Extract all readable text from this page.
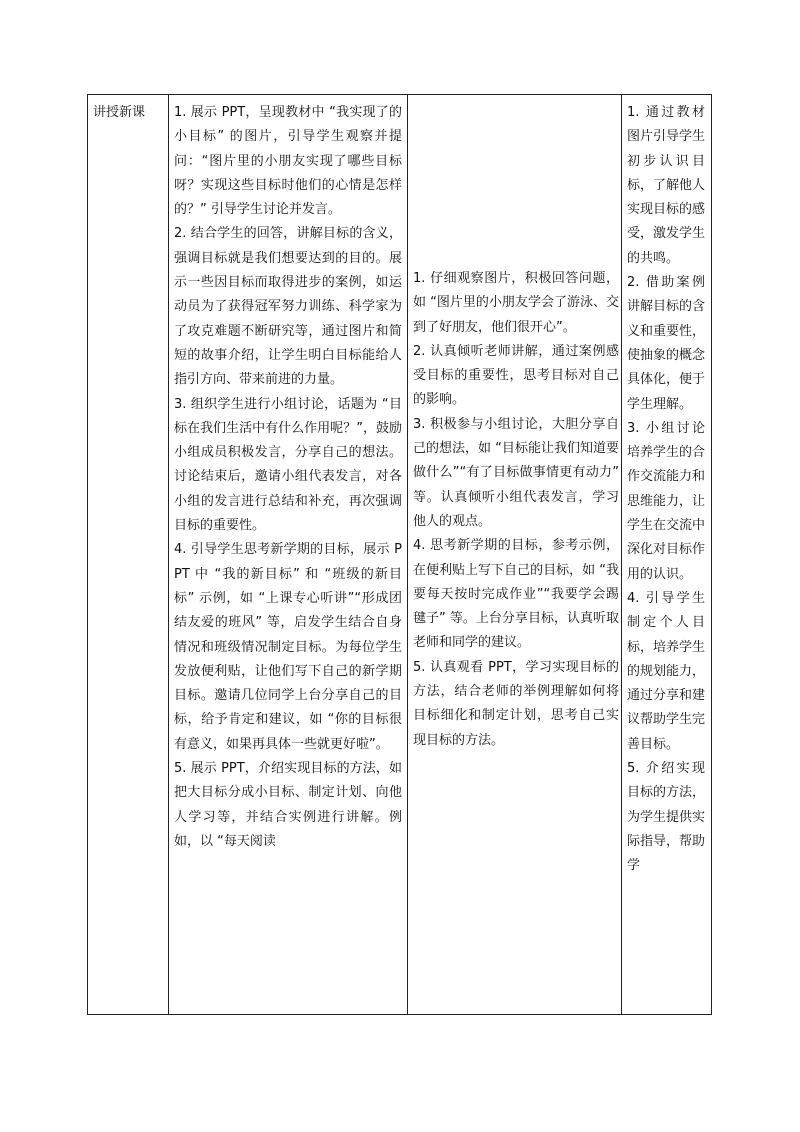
讲授新课	1. 展示 PPT，呈现教材中 “我实现了的小目标” 的图片，引导学生观察并提问：“图片里的小朋友实现了哪些目标呀？实现这些目标时他们的心情是怎样的？” 引导学生讨论并发言。

2. 结合学生的回答，讲解目标的含义，强调目标就是我们想要达到的目的。展示一些因目标而取得进步的案例，如运动员为了获得冠军努力训练、科学家为了攻克难题不断研究等，通过图片和简短的故事介绍，让学生明白目标能给人指引方向、带来前进的力量。

3. 组织学生进行小组讨论，话题为 “目标在我们生活中有什么作用呢？”，鼓励小组成员积极发言，分享自己的想法。讨论结束后，邀请小组代表发言，对各小组的发言进行总结和补充，再次强调目标的重要性。

4. 引导学生思考新学期的目标，展示 PPT 中 “我的新目标” 和 “班级的新目标” 示例，如 “上课专心听讲”“形成团结友爱的班风” 等，启发学生结合自身情况和班级情况制定目标。为每位学生发放便利贴，让他们写下自己的新学期目标。邀请几位同学上台分享自己的目标，给予肯定和建议，如 “你的目标很有意义，如果再具体一些就更好啦”。

5. 展示 PPT，介绍实现目标的方法，如把大目标分成小目标、制定计划、向他人学习等，并结合实例进行讲解。例如，以 “每天阅读

1. 仔细观察图片，积极回答问题，如 “图片里的小朋友学会了游泳、交到了好朋友，他们很开心”。

2. 认真倾听老师讲解，通过案例感受目标的重要性，思考目标对自己的影响。

3. 积极参与小组讨论，大胆分享自己的想法，如 “目标能让我们知道要做什么”“有了目标做事情更有动力” 等。认真倾听小组代表发言，学习他人的观点。

4. 思考新学期的目标，参考示例，在便利贴上写下自己的目标，如 “我要每天按时完成作业”“我要学会踢毽子” 等。上台分享目标，认真听取老师和同学的建议。

5. 认真观看 PPT，学习实现目标的方法，结合老师的举例理解如何将目标细化和制定计划，思考自己实现目标的方法。

1. 通过教材图片引导学生初步认识目标，了解他人实现目标的感受，激发学生的共鸣。

2. 借助案例讲解目标的含义和重要性，使抽象的概念具体化，便于学生理解。

3. 小组讨论培养学生的合作交流能力和思维能力，让学生在交流中深化对目标作用的认识。

4. 引导学生制定个人目标，培养学生的规划能力，通过分享和建议帮助学生完善目标。

5. 介绍实现目标的方法，为学生提供实际指导，帮助学
